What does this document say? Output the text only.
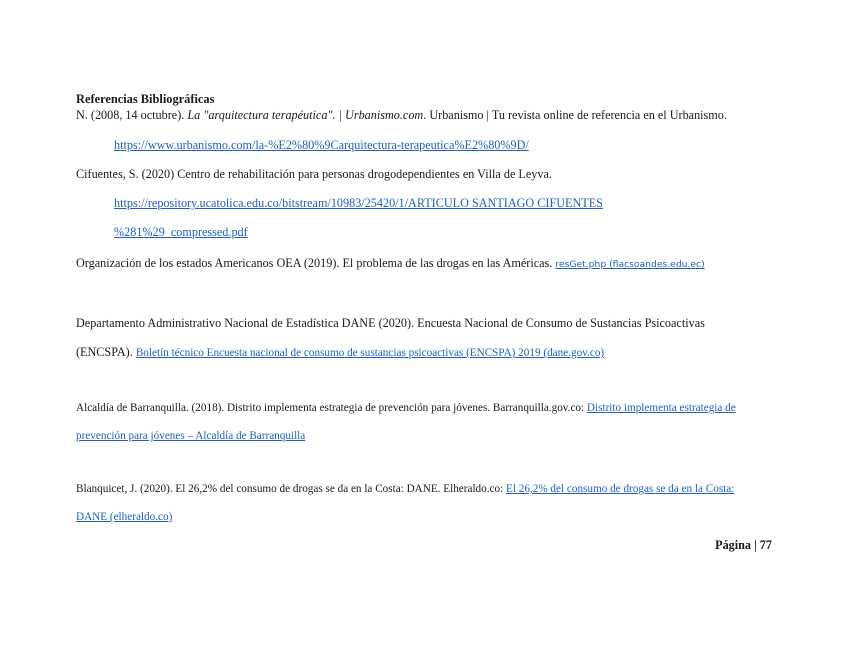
Referencias Bibliográficas
N. (2008, 14 octubre). La "arquitectura terapéutica". | Urbanismo.com. Urbanismo | Tu revista online de referencia en el Urbanismo.
https://www.urbanismo.com/la-%E2%80%9Carquitectura-terapeutica%E2%80%9D/
Cifuentes, S. (2020) Centro de rehabilitación para personas drogodependientes en Villa de Leyva.
https://repository.ucatolica.edu.co/bitstream/10983/25420/1/ARTICULO SANTIAGO CIFUENTES
%281%29_compressed.pdf
Organización de los estados Americanos OEA (2019). El problema de las drogas en las Américas. resGet.php (flacsoandes.edu.ec)
Departamento Administrativo Nacional de Estadística DANE (2020). Encuesta Nacional de Consumo de Sustancias Psicoactivas
(ENCSPA). Boletín técnico Encuesta nacional de consumo de sustancias psicoactivas (ENCSPA) 2019 (dane.gov.co)
Alcaldía de Barranquilla. (2018). Distrito implementa estrategia de prevención para jóvenes. Barranquilla.gov.co: Distrito implementa estrategia de
prevención para jóvenes – Alcaldía de Barranquilla
Blanquicet, J. (2020). El 26,2% del consumo de drogas se da en la Costa: DANE. Elheraldo.co: El 26,2% del consumo de drogas se da en la Costa:
DANE (elheraldo.co)
Página | 77
